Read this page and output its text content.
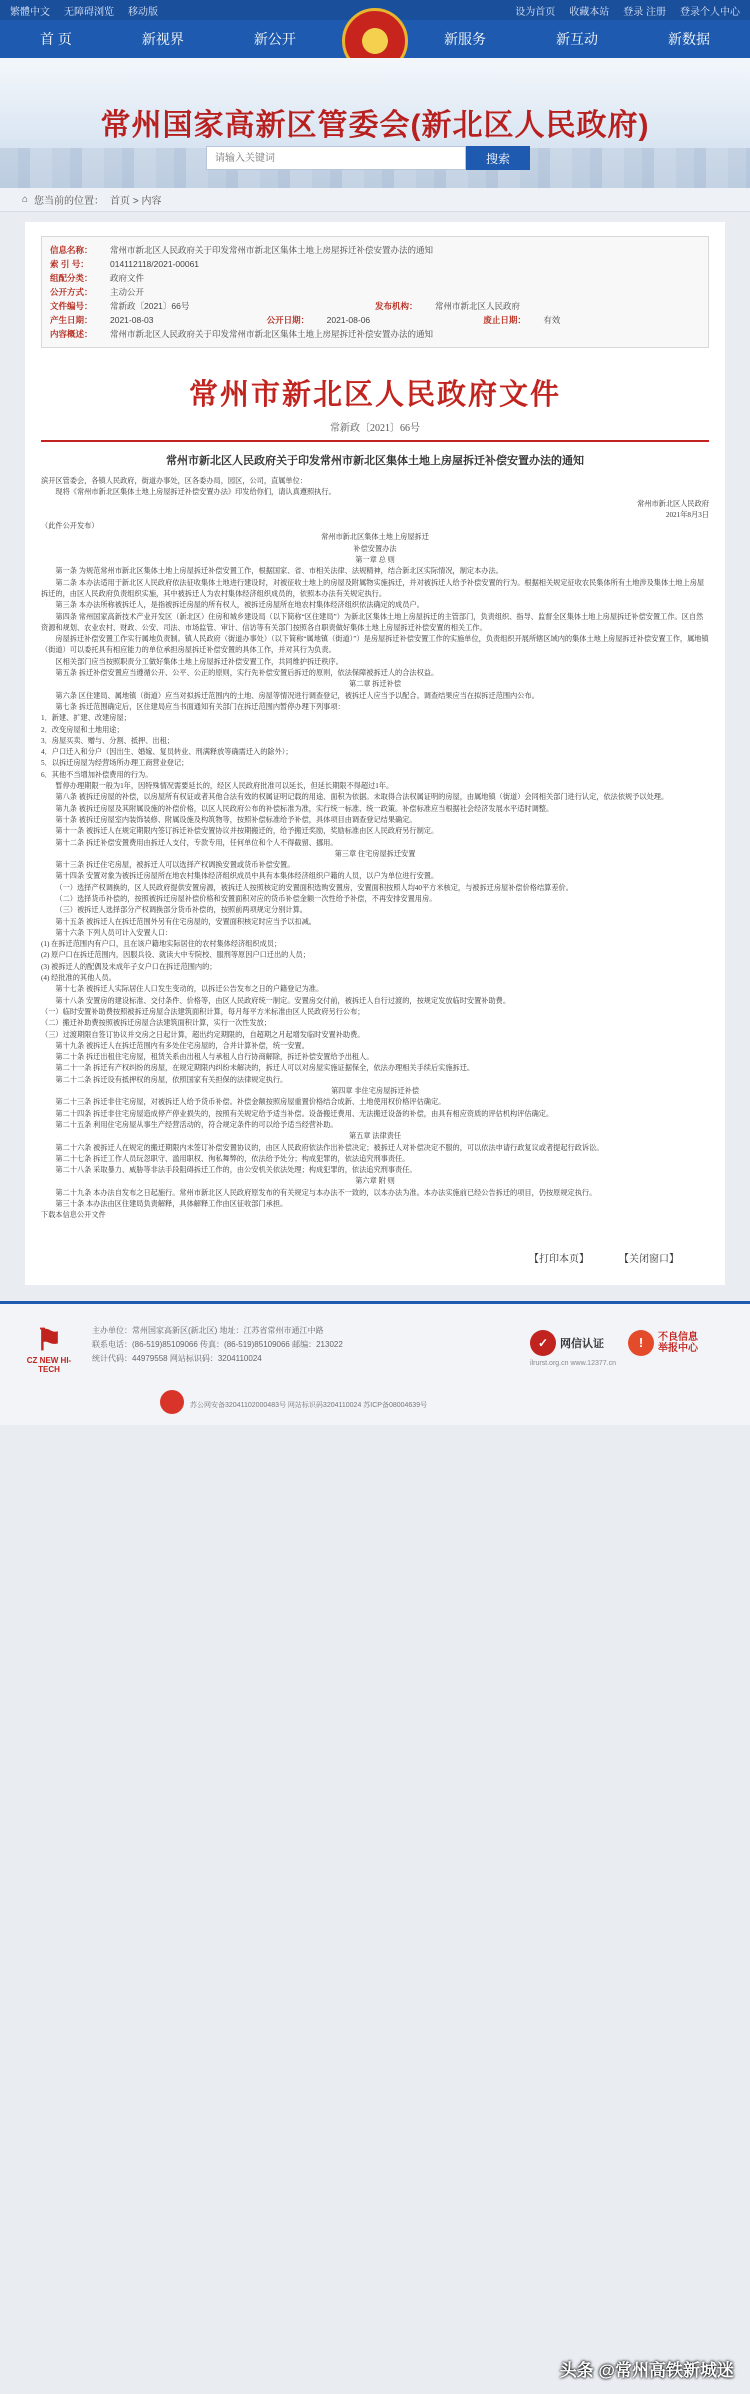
繁體中文 无障碍浏览 移动版	设为首页 收藏本站 登录 注册 登录个人中心
首 页	新视界	新公开	新服务	新互动	新数据
★
常州国家高新区管委会(新北区人民政府)
请输入关键词
搜索
⌂ 您当前的位置： 首页 > 内容
信息名称：	常州市新北区人民政府关于印发常州市新北区集体土地上房屋拆迁补偿安置办法的通知
索 引 号：	014112118/2021-00061
组配分类：	政府文件
公开方式：	主动公开
文件编号：	常新政〔2021〕66号	发布机构：	常州市新北区人民政府
产生日期：	2021-08-03	公开日期：	2021-08-06	废止日期：	有效
内容概述：	常州市新北区人民政府关于印发常州市新北区集体土地上房屋拆迁补偿安置办法的通知
常州市新北区人民政府文件
常新政〔2021〕66号
常州市新北区人民政府关于印发常州市新北区集体土地上房屋拆迁补偿安置办法的通知

滨开区管委会，各镇人民政府，街道办事处，区各委办局，园区，公司，直属单位：

现将《常州市新北区集体土地上房屋拆迁补偿安置办法》印发给你们，请认真遵照执行。

常州市新北区人民政府

2021年8月3日

（此件公开发布）

常州市新北区集体土地上房屋拆迁

补偿安置办法

第一章 总 则

第一条 为规范常州市新北区集体土地上房屋拆迁补偿安置工作，根据国家、省、市相关法律、法规精神，结合新北区实际情况，制定本办法。

第二条 本办法适用于新北区人民政府依法征收集体土地进行建设时，对被征收土地上的房屋及附属物实施拆迁，并对被拆迁人给予补偿安置的行为。根据相关规定征收农民集体所有土地涉及集体土地上房屋拆迁的，由区人民政府负责组织实施，其中被拆迁人为农村集体经济组织成员的，依照本办法有关规定执行。

第三条 本办法所称被拆迁人，是指被拆迁房屋的所有权人，被拆迁房屋所在地农村集体经济组织依法确定的成员户。

第四条 常州国家高新技术产业开发区（新北区）住房和城乡建设局（以下简称“区住建局”）为新北区集体土地上房屋拆迁的主管部门，负责组织、指导、监督全区集体土地上房屋拆迁补偿安置工作。区自然资源和规划、农业农村、财政、公安、司法、市场监管、审计、信访等有关部门按照各自职责做好集体土地上房屋拆迁补偿安置的相关工作。

房屋拆迁补偿安置工作实行属地负责制。镇人民政府（街道办事处）（以下简称“属地镇（街道）”）是房屋拆迁补偿安置工作的实施单位，负责组织开展所辖区域内的集体土地上房屋拆迁补偿安置工作，属地镇（街道）可以委托具有相应能力的单位承担房屋拆迁补偿安置的具体工作，并对其行为负责。

区相关部门应当按照职责分工做好集体土地上房屋拆迁补偿安置工作，共同维护拆迁秩序。

第五条 拆迁补偿安置应当遵循公开、公平、公正的原则，实行先补偿安置后拆迁的原则，依法保障被拆迁人的合法权益。

第二章 拆迁补偿

第六条 区住建局、属地镇（街道）应当对拟拆迁范围内的土地、房屋等情况进行调查登记，被拆迁人应当予以配合。调查结果应当在拟拆迁范围内公布。

第七条 拆迁范围确定后，区住建局应当书面通知有关部门在拆迁范围内暂停办理下列事项：

1．新建、扩建、改建房屋；

2．改变房屋和土地用途；

3．房屋买卖、赠与、分割、抵押、出租；

4．户口迁入和分户（因出生、婚嫁、复员转业、刑满释放等确需迁入的除外）；

5．以拆迁房屋为经营场所办理工商营业登记；

6．其他不当增加补偿费用的行为。

暂停办理期限一般为1年，因特殊情况需要延长的，经区人民政府批准可以延长，但延长期限不得超过1年。

第八条 被拆迁房屋的补偿，以房屋所有权证或者其他合法有效的权属证明记载的用途、面积为依据。未取得合法权属证明的房屋，由属地镇（街道）会同相关部门进行认定，依法依规予以处理。

第九条 被拆迁房屋及其附属设施的补偿价格，以区人民政府公布的补偿标准为准，实行统一标准、统一政策。补偿标准应当根据社会经济发展水平适时调整。

第十条 被拆迁房屋室内装饰装修、附属设施及构筑物等，按照补偿标准给予补偿，具体项目由调查登记结果确定。

第十一条 被拆迁人在规定期限内签订拆迁补偿安置协议并按期搬迁的，给予搬迁奖励，奖励标准由区人民政府另行制定。

第十二条 拆迁补偿安置费用由拆迁人支付，专款专用，任何单位和个人不得截留、挪用。

第三章 住宅房屋拆迁安置

第十三条 拆迁住宅房屋，被拆迁人可以选择产权调换安置或货币补偿安置。

第十四条 安置对象为被拆迁房屋所在地农村集体经济组织成员中具有本集体经济组织户籍的人员，以户为单位进行安置。

（一）选择产权调换的，区人民政府提供安置房源，被拆迁人按照核定的安置面积选购安置房，安置面积按照人均40平方米核定，与被拆迁房屋补偿价格结算差价。

（二）选择货币补偿的，按照被拆迁房屋补偿价格和安置面积对应的货币补偿金额一次性给予补偿，不再安排安置用房。

（三）被拆迁人选择部分产权调换部分货币补偿的，按照前两项规定分别计算。

第十五条 被拆迁人在拆迁范围外另有住宅房屋的，安置面积核定时应当予以扣减。

第十六条 下列人员可计入安置人口：

(1) 在拆迁范围内有户口，且在该户籍地实际居住的农村集体经济组织成员；

(2) 原户口在拆迁范围内，因服兵役、就读大中专院校、服刑等原因户口迁出的人员；

(3) 被拆迁人的配偶及未成年子女户口在拆迁范围内的；

(4) 经批准的其他人员。

第十七条 被拆迁人实际居住人口发生变动的，以拆迁公告发布之日的户籍登记为准。

第十八条 安置房的建设标准、交付条件、价格等，由区人民政府统一制定。安置房交付前，被拆迁人自行过渡的，按规定发放临时安置补助费。

（一）临时安置补助费按照被拆迁房屋合法建筑面积计算，每月每平方米标准由区人民政府另行公布；

（二）搬迁补助费按照被拆迁房屋合法建筑面积计算，实行一次性发放；

（三）过渡期限自签订协议并交房之日起计算，超出约定期限的，自超期之月起增发临时安置补助费。

第十九条 被拆迁人在拆迁范围内有多处住宅房屋的，合并计算补偿，统一安置。

第二十条 拆迁出租住宅房屋，租赁关系由出租人与承租人自行协商解除，拆迁补偿安置给予出租人。

第二十一条 拆迁有产权纠纷的房屋，在规定期限内纠纷未解决的，拆迁人可以对房屋实施证据保全，依法办理相关手续后实施拆迁。

第二十二条 拆迁设有抵押权的房屋，依照国家有关担保的法律规定执行。

第四章 非住宅房屋拆迁补偿

第二十三条 拆迁非住宅房屋，对被拆迁人给予货币补偿。补偿金额按照房屋重置价格结合成新、土地使用权价格评估确定。

第二十四条 拆迁非住宅房屋造成停产停业损失的，按照有关规定给予适当补偿。设备搬迁费用、无法搬迁设备的补偿，由具有相应资质的评估机构评估确定。

第二十五条 利用住宅房屋从事生产经营活动的，符合规定条件的可以给予适当经营补助。

第五章 法律责任

第二十六条 被拆迁人在规定的搬迁期限内未签订补偿安置协议的，由区人民政府依法作出补偿决定；被拆迁人对补偿决定不服的，可以依法申请行政复议或者提起行政诉讼。

第二十七条 拆迁工作人员玩忽职守、滥用职权、徇私舞弊的，依法给予处分；构成犯罪的，依法追究刑事责任。

第二十八条 采取暴力、威胁等非法手段阻碍拆迁工作的，由公安机关依法处理；构成犯罪的，依法追究刑事责任。

第六章 附 则

第二十九条 本办法自发布之日起施行。常州市新北区人民政府原发布的有关规定与本办法不一致的，以本办法为准。本办法实施前已经公告拆迁的项目，仍按原规定执行。

第三十条 本办法由区住建局负责解释，具体解释工作由区征收部门承担。

下载本信息公开文件

【打印本页】	【关闭窗口】
⚑
CZ NEW HI-TECH
主办单位：常州国家高新区(新北区) 地址：江苏省常州市通江中路
联系电话：(86-519)85109066 传真：(86-519)85109066 邮编：213022
统计代码：44979558 网站标识码：3204110024
✓	网信认证	!	不良信息
举报中心
ilrurst.org.cn www.12377.cn
苏公网安备32041102000483号 网站标识码3204110024 苏ICP备08004639号
头条 @常州高铁新城迷
